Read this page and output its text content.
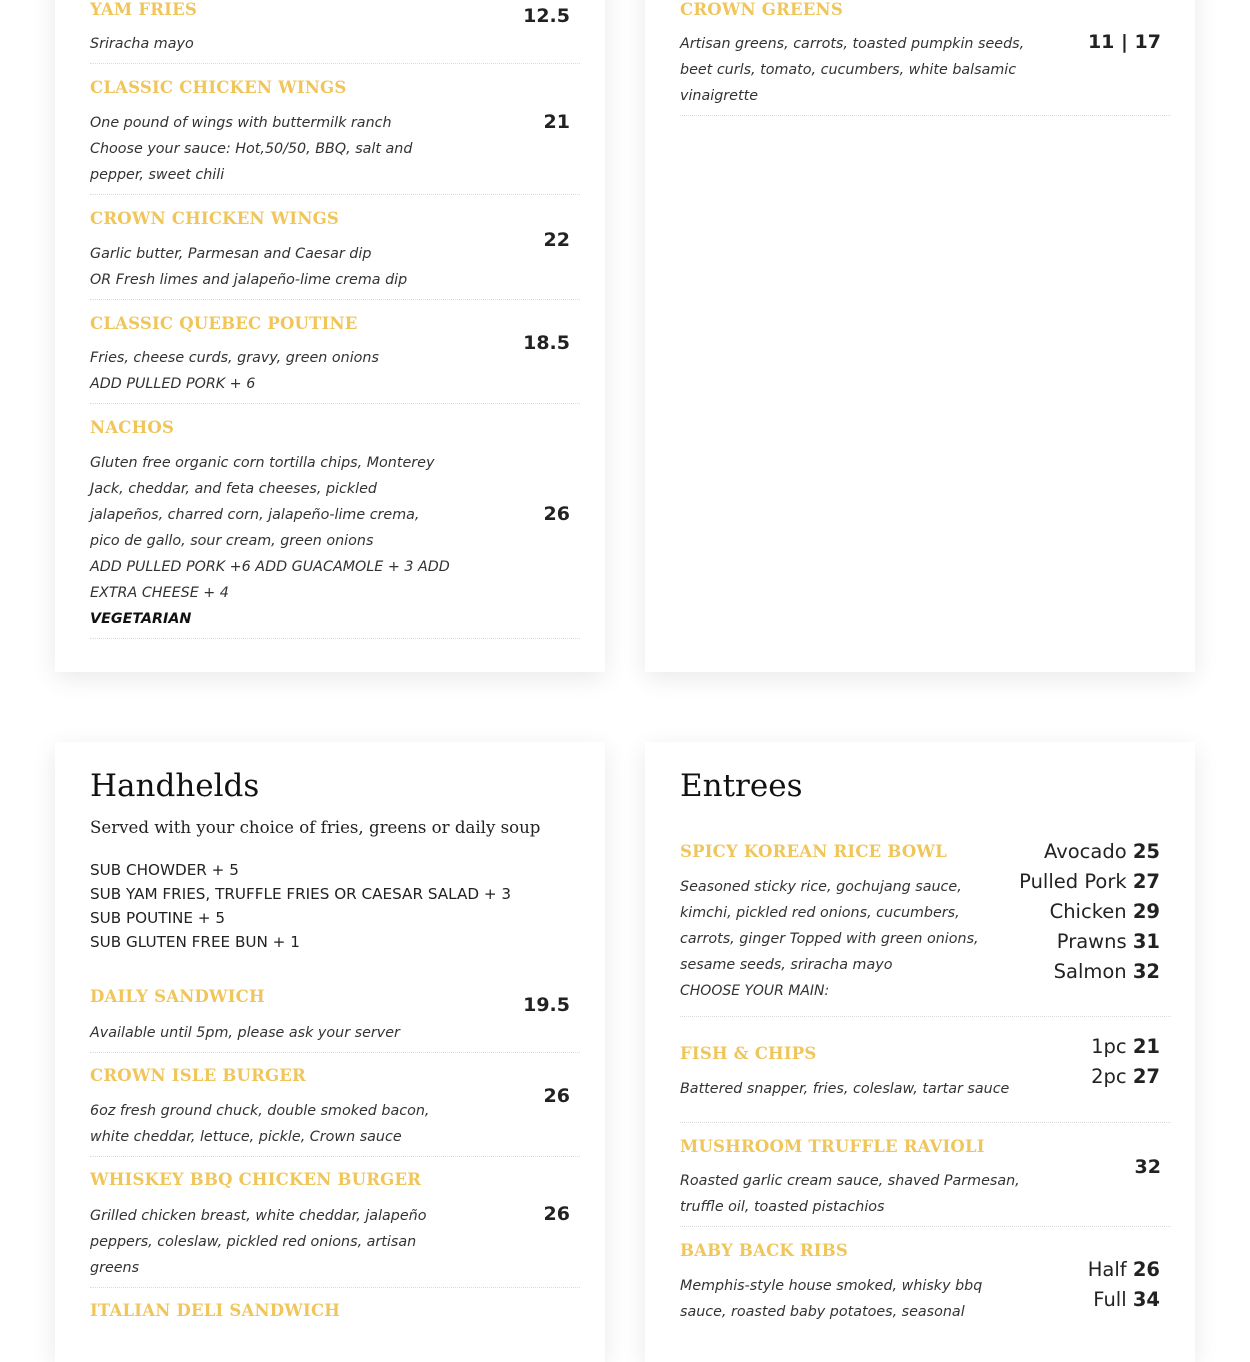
YAM FRIES	12.5
Sriracha mayo
CLASSIC CHICKEN WINGS
21
One pound of wings with buttermilk ranch
Choose your sauce: Hot,50/50, BBQ, salt and
pepper, sweet chili
CROWN CHICKEN WINGS
22
Garlic butter, Parmesan and Caesar dip
OR Fresh limes and jalapeño-lime crema dip
CLASSIC QUEBEC POUTINE
18.5
Fries, cheese curds, gravy, green onions
ADD PULLED PORK + 6
NACHOS
26
Gluten free organic corn tortilla chips, Monterey
Jack, cheddar, and feta cheeses, pickled
jalapeños, charred corn, jalapeño-lime crema,
pico de gallo, sour cream, green onions
ADD PULLED PORK +6 ADD GUACAMOLE + 3 ADD
EXTRA CHEESE + 4
VEGETARIAN
CROWN GREENS
11 | 17
Artisan greens, carrots, toasted pumpkin seeds,
beet curls, tomato, cucumbers, white balsamic
vinaigrette
Handhelds
Served with your choice of fries, greens or daily soup
SUB CHOWDER + 5
SUB YAM FRIES, TRUFFLE FRIES OR CAESAR SALAD + 3
SUB POUTINE + 5
SUB GLUTEN FREE BUN + 1
DAILY SANDWICH	19.5
Available until 5pm, please ask your server
CROWN ISLE BURGER
26
6oz fresh ground chuck, double smoked bacon,
white cheddar, lettuce, pickle, Crown sauce
WHISKEY BBQ CHICKEN BURGER
26
Grilled chicken breast, white cheddar, jalapeño
peppers, coleslaw, pickled red onions, artisan
greens
ITALIAN DELI SANDWICH
Entrees
SPICY KOREAN RICE BOWL
Seasoned sticky rice, gochujang sauce,
kimchi, pickled red onions, cucumbers,
carrots, ginger Topped with green onions,
sesame seeds, sriracha mayo
CHOOSE YOUR MAIN:
Avocado 25
Pulled Pork 27
Chicken 29
Prawns 31
Salmon 32
FISH & CHIPS
Battered snapper, fries, coleslaw, tartar sauce
1pc 21
2pc 27
MUSHROOM TRUFFLE RAVIOLI
32
Roasted garlic cream sauce, shaved Parmesan,
truffle oil, toasted pistachios
BABY BACK RIBS
Memphis-style house smoked, whisky bbq
sauce, roasted baby potatoes, seasonal
Half 26
Full 34
